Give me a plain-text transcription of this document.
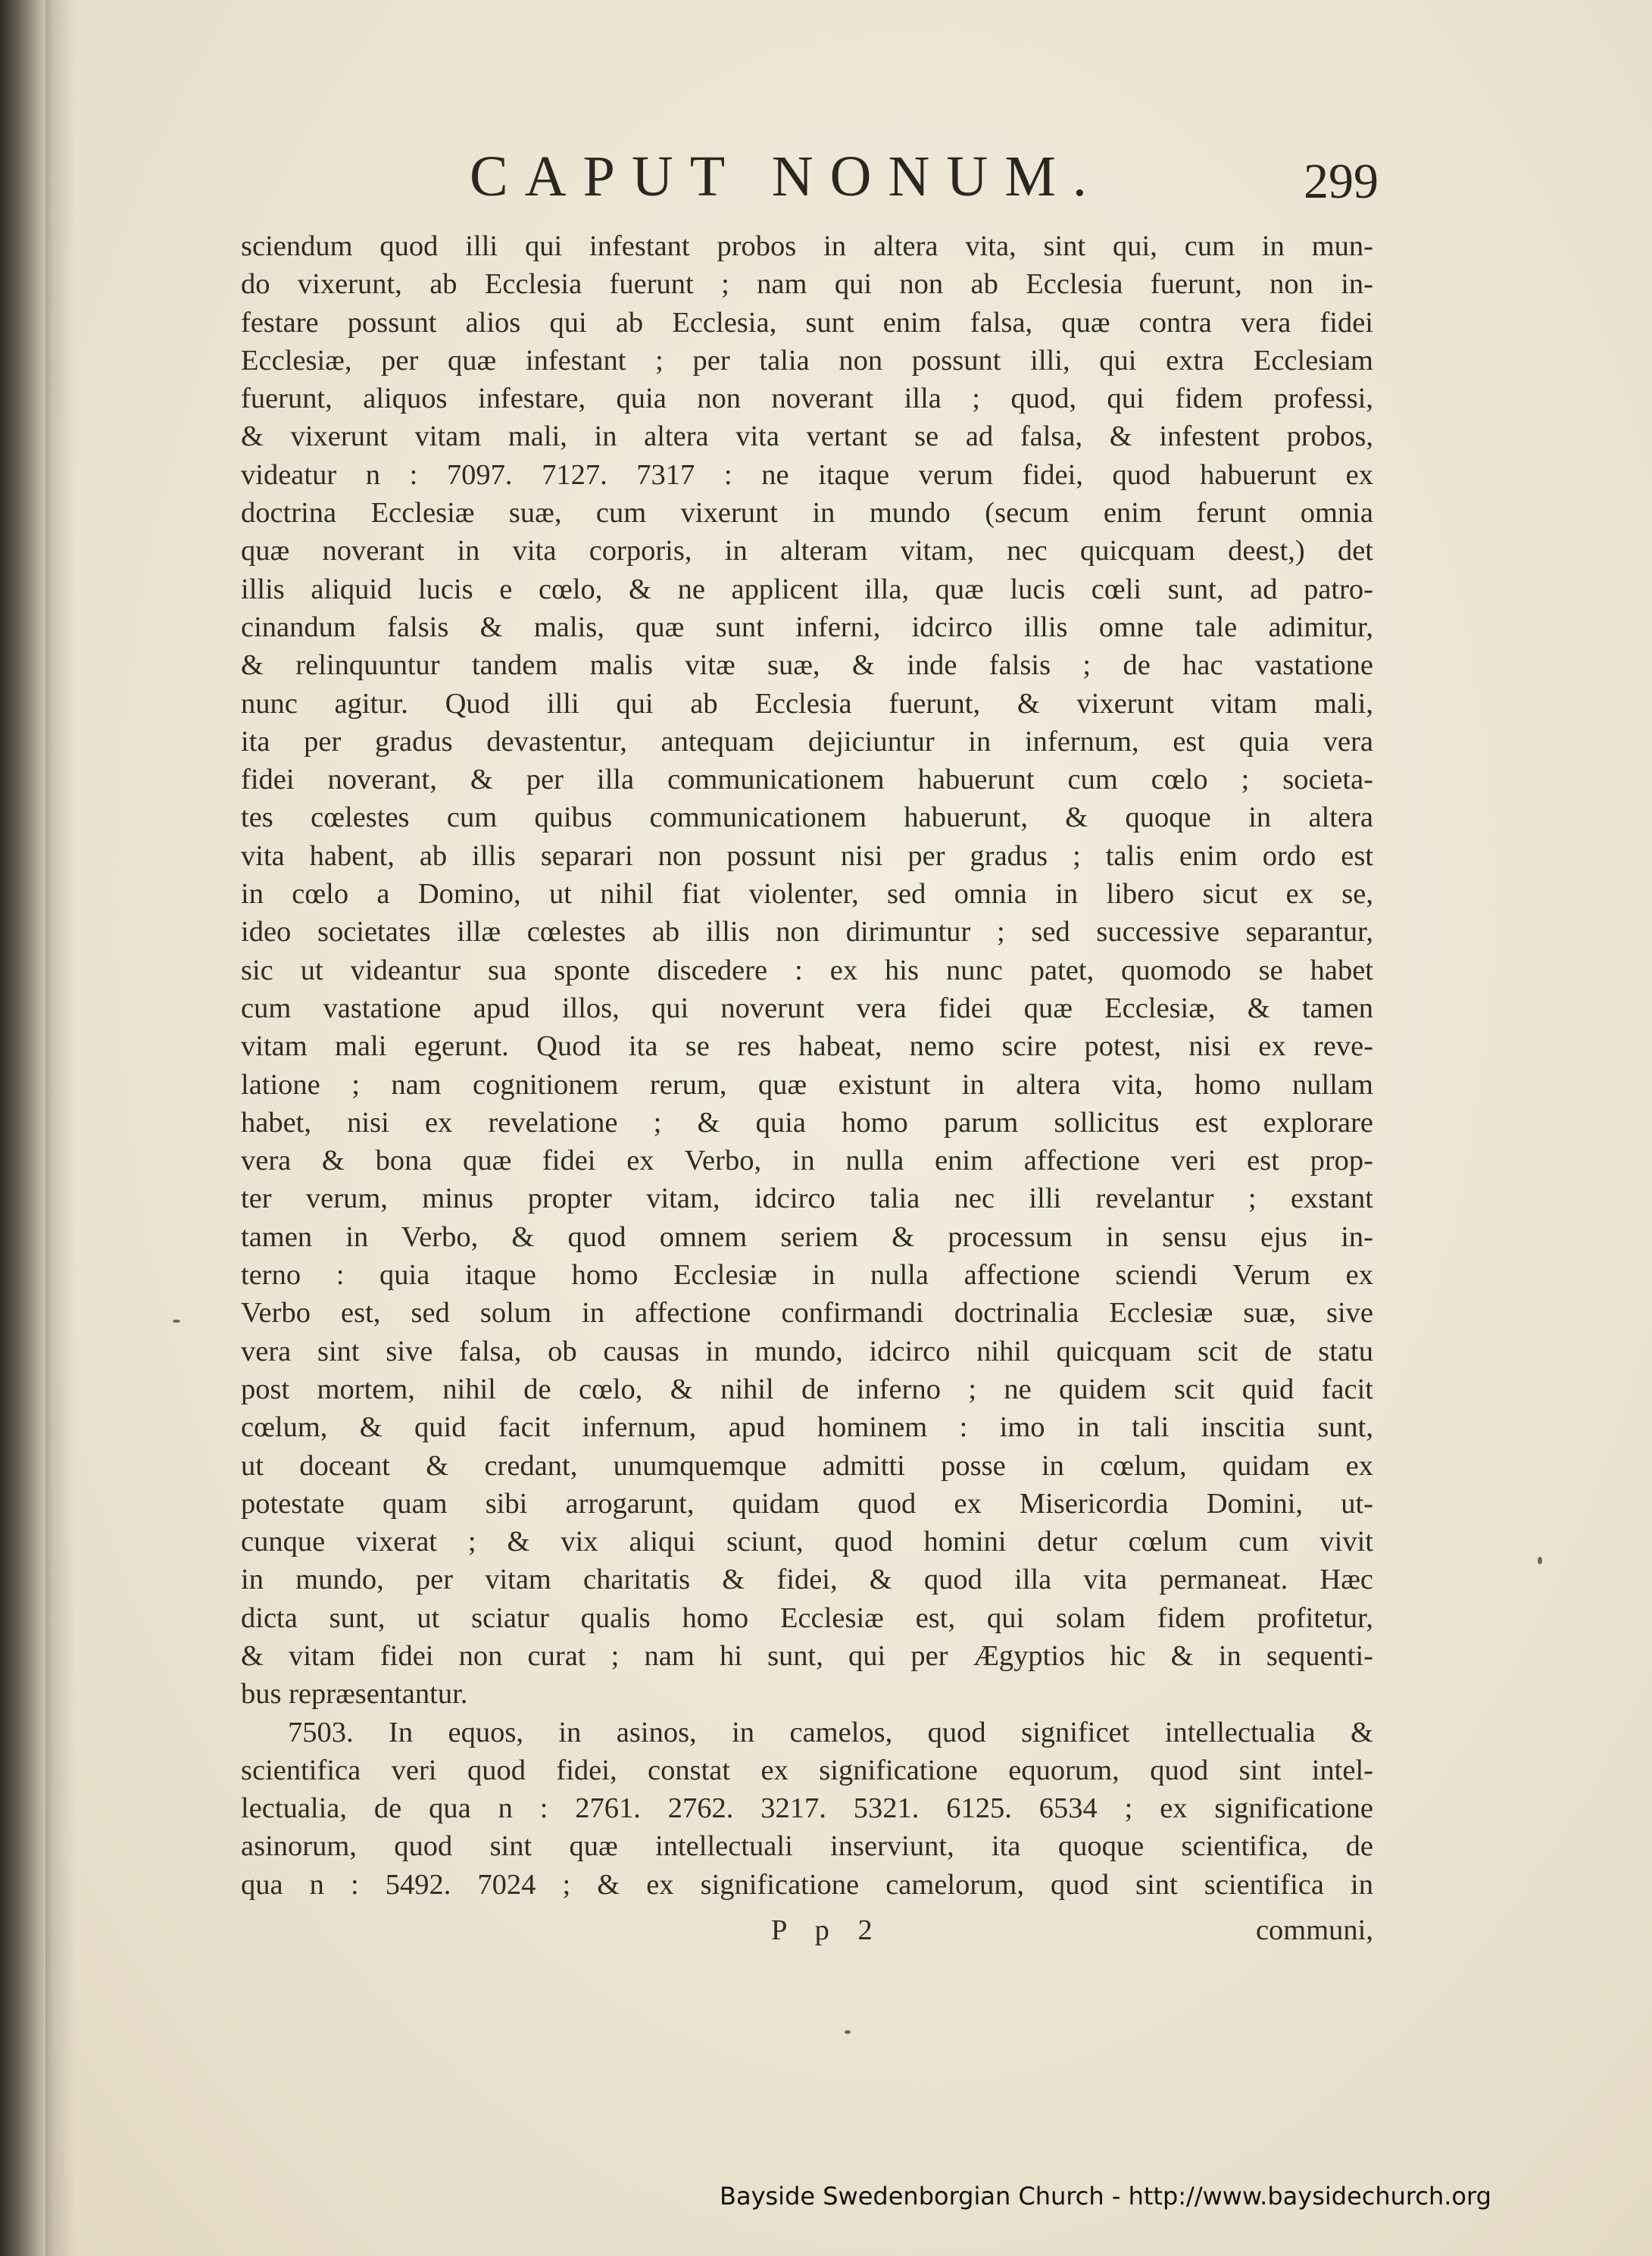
CAPUT NONUM.	299

sciendum quod illi qui infestant probos in altera vita, sint qui, cum in mun-

do vixerunt, ab Ecclesia fuerunt ; nam qui non ab Ecclesia fuerunt, non in-

festare possunt alios qui ab Ecclesia, sunt enim falsa, quæ contra vera fidei

Ecclesiæ, per quæ infestant ; per talia non possunt illi, qui extra Ecclesiam

fuerunt, aliquos infestare, quia non noverant illa ; quod, qui fidem professi,

& vixerunt vitam mali, in altera vita vertant se ad falsa, & infestent probos,

videatur n : 7097. 7127. 7317 : ne itaque verum fidei, quod habuerunt ex

doctrina Ecclesiæ suæ, cum vixerunt in mundo (secum enim ferunt omnia

quæ noverant in vita corporis, in alteram vitam, nec quicquam deest,) det

illis aliquid lucis e cœlo, & ne applicent illa, quæ lucis cœli sunt, ad patro-

cinandum falsis & malis, quæ sunt inferni, idcirco illis omne tale adimitur,

& relinquuntur tandem malis vitæ suæ, & inde falsis ; de hac vastatione

nunc agitur. Quod illi qui ab Ecclesia fuerunt, & vixerunt vitam mali,

ita per gradus devastentur, antequam dejiciuntur in infernum, est quia vera

fidei noverant, & per illa communicationem habuerunt cum cœlo ; societa-

tes cœlestes cum quibus communicationem habuerunt, & quoque in altera

vita habent, ab illis separari non possunt nisi per gradus ; talis enim ordo est

in cœlo a Domino, ut nihil fiat violenter, sed omnia in libero sicut ex se,

ideo societates illæ cœlestes ab illis non dirimuntur ; sed successive separantur,

sic ut videantur sua sponte discedere : ex his nunc patet, quomodo se habet

cum vastatione apud illos, qui noverunt vera fidei quæ Ecclesiæ, & tamen

vitam mali egerunt. Quod ita se res habeat, nemo scire potest, nisi ex reve-

latione ; nam cognitionem rerum, quæ existunt in altera vita, homo nullam

habet, nisi ex revelatione ; & quia homo parum sollicitus est explorare

vera & bona quæ fidei ex Verbo, in nulla enim affectione veri est prop-

ter verum, minus propter vitam, idcirco talia nec illi revelantur ; exstant

tamen in Verbo, & quod omnem seriem & processum in sensu ejus in-

terno : quia itaque homo Ecclesiæ in nulla affectione sciendi Verum ex

Verbo est, sed solum in affectione confirmandi doctrinalia Ecclesiæ suæ, sive

vera sint sive falsa, ob causas in mundo, idcirco nihil quicquam scit de statu

post mortem, nihil de cœlo, & nihil de inferno ; ne quidem scit quid facit

cœlum, & quid facit infernum, apud hominem : imo in tali inscitia sunt,

ut doceant & credant, unumquemque admitti posse in cœlum, quidam ex

potestate quam sibi arrogarunt, quidam quod ex Misericordia Domini, ut-

cunque vixerat ; & vix aliqui sciunt, quod homini detur cœlum cum vivit

in mundo, per vitam charitatis & fidei, & quod illa vita permaneat. Hæc

dicta sunt, ut sciatur qualis homo Ecclesiæ est, qui solam fidem profitetur,

& vitam fidei non curat ; nam hi sunt, qui per Ægyptios hic & in sequenti-

bus repræsentantur.

7503. In equos, in asinos, in camelos, quod significet intellectualia &

scientifica veri quod fidei, constat ex significatione equorum, quod sint intel-

lectualia, de qua n : 2761. 2762. 3217. 5321. 6125. 6534 ; ex significatione

asinorum, quod sint quæ intellectuali inserviunt, ita quoque scientifica, de

qua n : 5492. 7024 ; & ex significatione camelorum, quod sint scientifica in

P p 2	communi,
Bayside Swedenborgian Church - http://www.baysidechurch.org
